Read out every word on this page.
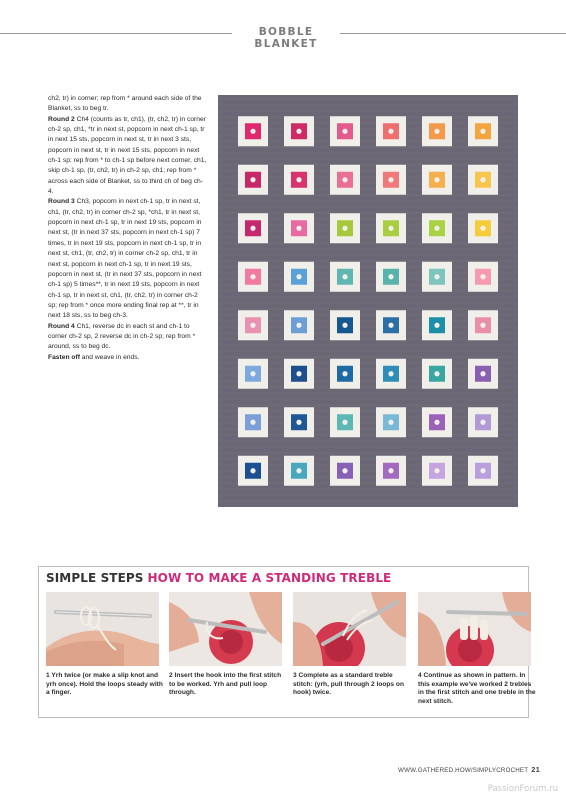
BOBBLE BLANKET

ch2, tr) in corner; rep from * around each side of the Blanket, ss to beg tr.

Round 2 Ch4 (counts as tr, ch1), (tr, ch2, tr) in corner ch-2 sp, ch1, *tr in next st, popcorn in next ch-1 sp, tr in next 15 sts, popcorn in next st, tr in next 3 sts, popcorn in next st, tr in next 15 sts, popcorn in next ch-1 sp; rep from * to ch-1 sp before next corner, ch1, skip ch-1 sp, (tr, ch2, tr) in ch-2 sp, ch1; rep from * across each side of Blanket, ss to third ch of beg ch-4.

Round 3 Ch3, popcorn in next ch-1 sp, tr in next st, ch1, (tr, ch2, tr) in corner ch-2 sp, *ch1, tr in next st, popcorn in next ch-1 sp, tr in next 19 sts, popcorn in next st, (tr in next 37 sts, popcorn in next ch-1 sp) 7 times, tr in next 19 sts, popcorn in next ch-1 sp, tr in next st, ch1, (tr, ch2, tr) in corner ch-2 sp, ch1, tr in next st, popcorn in next ch-1 sp, tr in next 19 sts, popcorn in next st, (tr in next 37 sts, popcorn in next ch-1 sp) 5 times**, tr in next 19 sts, popcorn in next ch-1 sp, tr in next st, ch1, (tr, ch2, tr) in corner ch-2 sp; rep from * once more ending final rep at **, tr in next 18 sts, ss to beg ch-3.

Round 4 Ch1, reverse dc in each st and ch-1 to corner ch-2 sp, 2 reverse dc in ch-2 sp; rep from * around, ss to beg dc.

Fasten off and weave in ends.

SIMPLE STEPS HOW TO MAKE A STANDING TREBLE
1 Yrh twice (or make a slip knot and yrh once). Hold the loops steady with a finger.
2 Insert the hook into the first stitch to be worked. Yrh and pull loop through.
3 Complete as a standard treble stitch: (yrh, pull through 2 loops on hook) twice.
4 Continue as shown in pattern. In this example we've worked 2 trebles in the first stitch and one treble in the next stitch.
WWW.GATHERED.HOW/SIMPLYCROCHET 21
PassionForum.ru
